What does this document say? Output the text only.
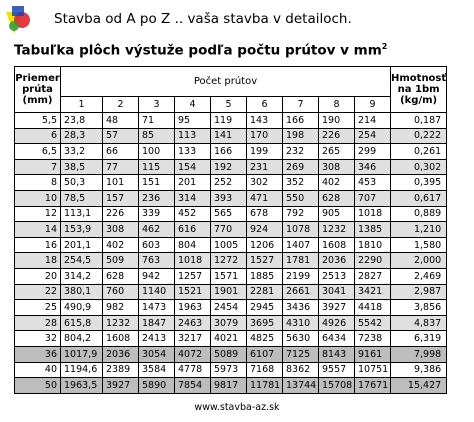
Stavba od A po Z .. vaša stavba v detailoch.
Tabuľka plôch výstuže podľa počtu prútov v $mm^2$
Priemer
prúta
(mm)	Počet prútov									Hmotnosť
na 1bm
(kg/m)
	1	2	3	4	5	6	7	8	9	
5,5	23,8	48	71	95	119	143	166	190	214	0,187
6	28,3	57	85	113	141	170	198	226	254	0,222
6,5	33,2	66	100	133	166	199	232	265	299	0,261
7	38,5	77	115	154	192	231	269	308	346	0,302
8	50,3	101	151	201	252	302	352	402	453	0,395
10	78,5	157	236	314	393	471	550	628	707	0,617
12	113,1	226	339	452	565	678	792	905	1018	0,889
14	153,9	308	462	616	770	924	1078	1232	1385	1,210
16	201,1	402	603	804	1005	1206	1407	1608	1810	1,580
18	254,5	509	763	1018	1272	1527	1781	2036	2290	2,000
20	314,2	628	942	1257	1571	1885	2199	2513	2827	2,469
22	380,1	760	1140	1521	1901	2281	2661	3041	3421	2,987
25	490,9	982	1473	1963	2454	2945	3436	3927	4418	3,856
28	615,8	1232	1847	2463	3079	3695	4310	4926	5542	4,837
32	804,2	1608	2413	3217	4021	4825	5630	6434	7238	6,319
36	1017,9	2036	3054	4072	5089	6107	7125	8143	9161	7,998
40	1194,6	2389	3584	4778	5973	7168	8362	9557	10751	9,386
50	1963,5	3927	5890	7854	9817	11781	13744	15708	17671	15,427
www.stavba-az.sk
